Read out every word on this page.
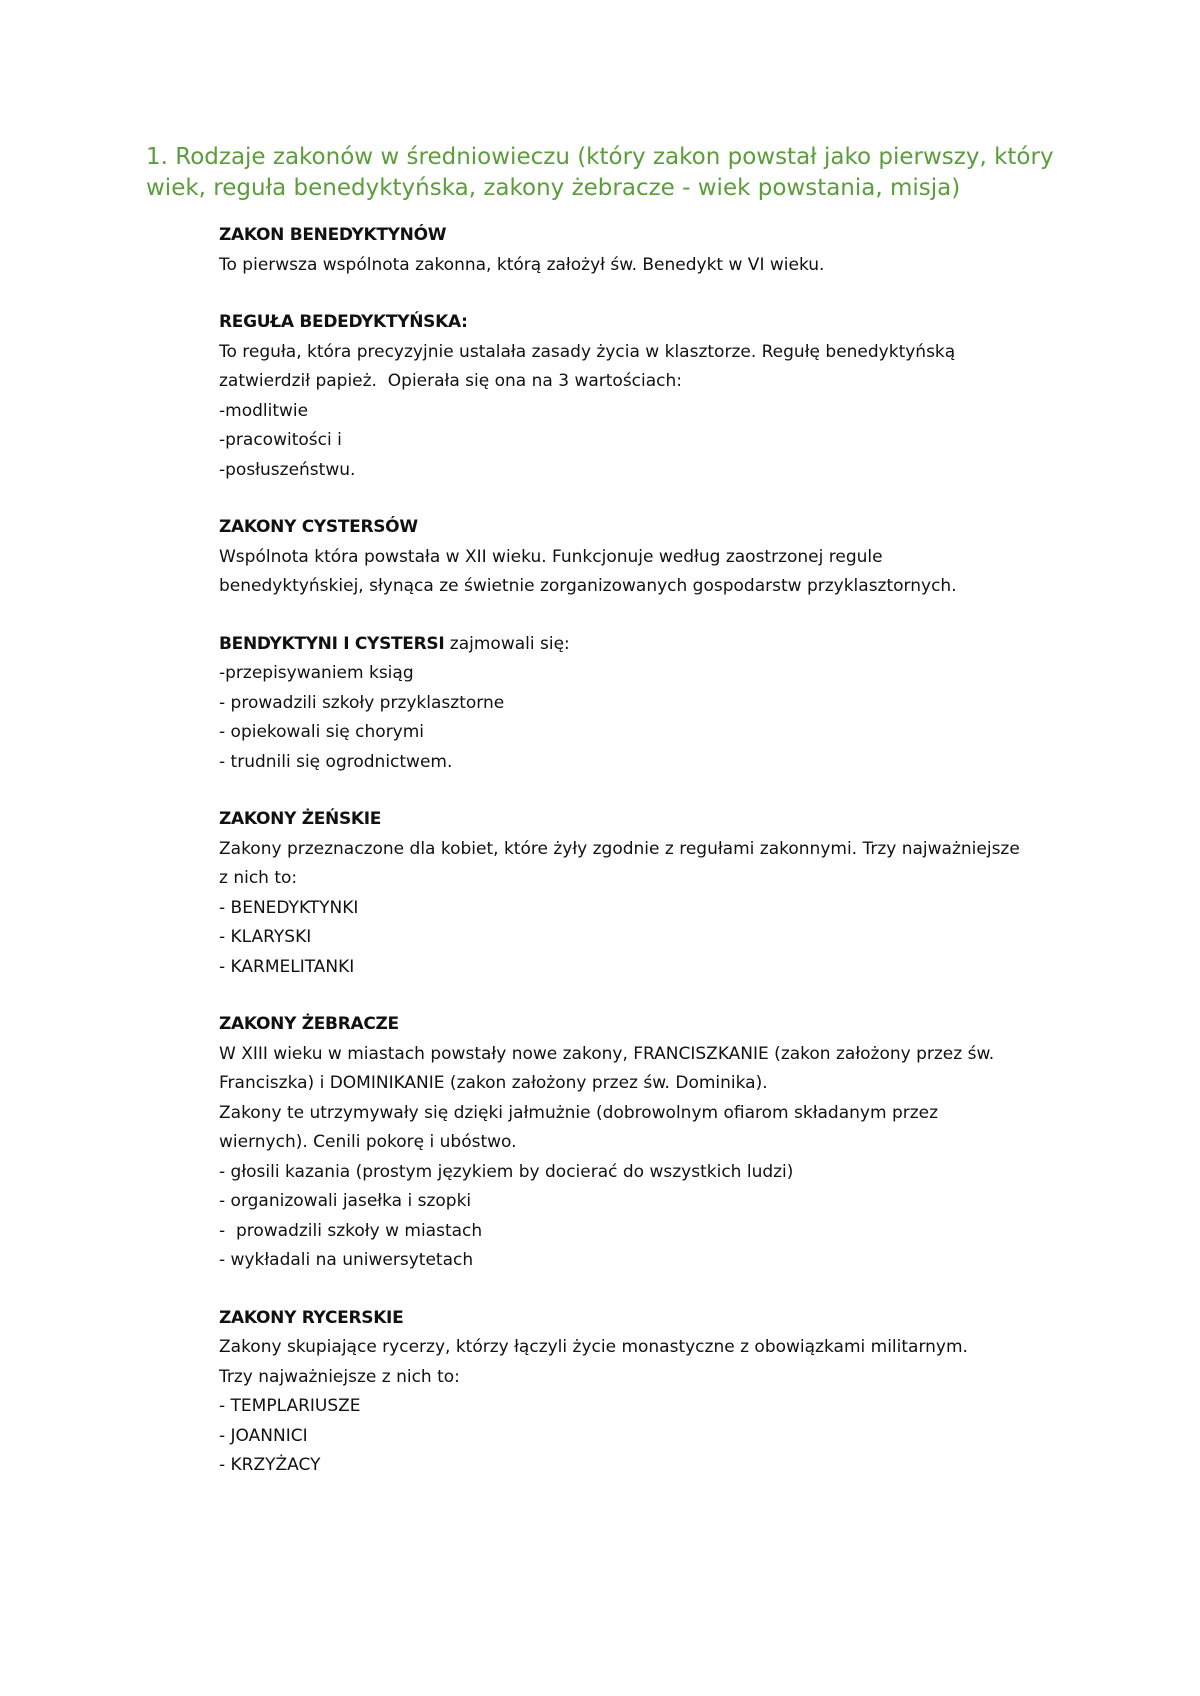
1. Rodzaje zakonów w średniowieczu (który zakon powstał jako pierwszy, który wiek, reguła benedyktyńska, zakony żebracze - wiek powstania, misja)
ZAKON BENEDYKTYNÓW

To pierwsza wspólnota zakonna, którą założył św. Benedykt w VI wieku.

REGUŁA BEDEDYKTYŃSKA:

To reguła, która precyzyjnie ustalała zasady życia w klasztorze. Regułę benedyktyńską

zatwierdził papież.  Opierała się ona na 3 wartościach:

-modlitwie
-pracowitości i
-posłuszeństwu.
ZAKONY CYSTERSÓW

Wspólnota która powstała w XII wieku. Funkcjonuje według zaostrzonej regule

benedyktyńskiej, słynąca ze świetnie zorganizowanych gospodarstw przyklasztornych.

BENDYKTYNI I CYSTERSI zajmowali się:

-przepisywaniem ksiąg
- prowadzili szkoły przyklasztorne
- opiekowali się chorymi
- trudnili się ogrodnictwem.
ZAKONY ŻEŃSKIE

Zakony przeznaczone dla kobiet, które żyły zgodnie z regułami zakonnymi. Trzy najważniejsze

z nich to:

- BENEDYKTYNKI
- KLARYSKI
- KARMELITANKI
ZAKONY ŻEBRACZE

W XIII wieku w miastach powstały nowe zakony, FRANCISZKANIE (zakon założony przez św.

Franciszka) i DOMINIKANIE (zakon założony przez św. Dominika).

Zakony te utrzymywały się dzięki jałmużnie (dobrowolnym ofiarom składanym przez

wiernych). Cenili pokorę i ubóstwo.

- głosili kazania (prostym językiem by docierać do wszystkich ludzi)
- organizowali jasełka i szopki
-  prowadzili szkoły w miastach
- wykładali na uniwersytetach
ZAKONY RYCERSKIE

Zakony skupiające rycerzy, którzy łączyli życie monastyczne z obowiązkami militarnym.

Trzy najważniejsze z nich to:

- TEMPLARIUSZE
- JOANNICI
- KRZYŻACY
